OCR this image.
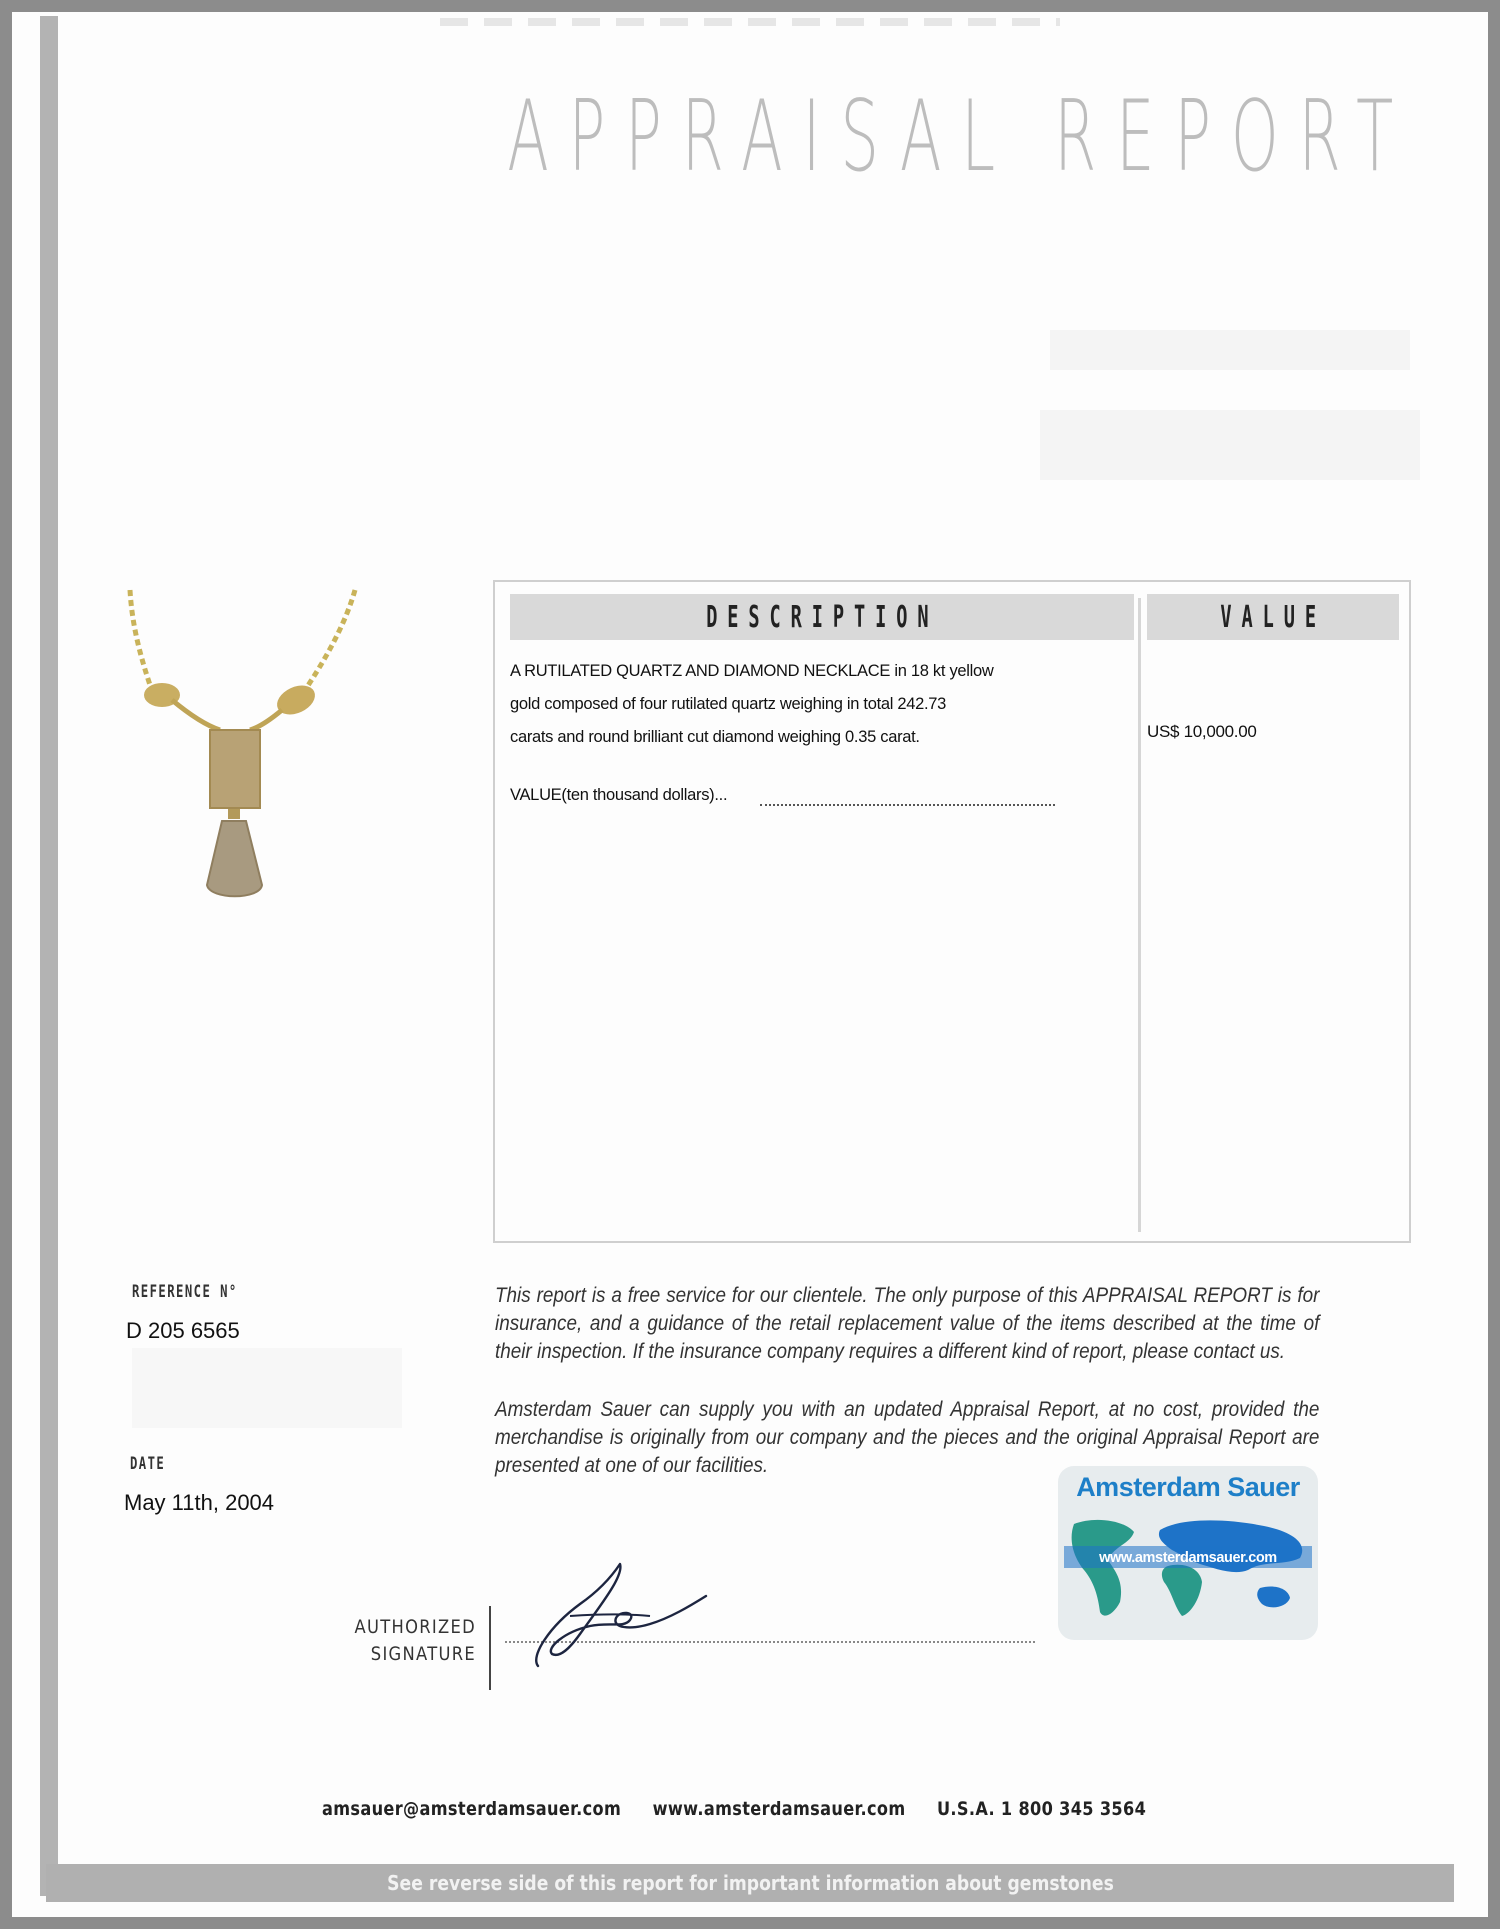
APPRAISAL REPORT
DESCRIPTION	VALUE

A RUTILATED QUARTZ AND DIAMOND NECKLACE in 18 kt yellow

gold composed of four rutilated quartz weighing in total 242.73

carats and round brilliant cut diamond weighing 0.35 carat.

VALUE(ten thousand dollars)...
US$ 10,000.00
REFERENCE N°
D 205 6565
DATE
May 11th, 2004

This report is a free service for our clientele. The only purpose of this APPRAISAL REPORT is for insurance, and a guidance of the retail replacement value of the items described at the time of their inspection. If the insurance company requires a different kind of report, please contact us.

Amsterdam Sauer can supply you with an updated Appraisal Report, at no cost, provided the merchandise is originally from our company and the pieces and the original Appraisal Report are presented at one of our facilities.

Amsterdam Sauer
www.amsterdamsauer.com
AUTHORIZED
SIGNATURE
amsauer@amsterdamsauer.com www.amsterdamsauer.com U.S.A. 1 800 345 3564
See reverse side of this report for important information about gemstones
